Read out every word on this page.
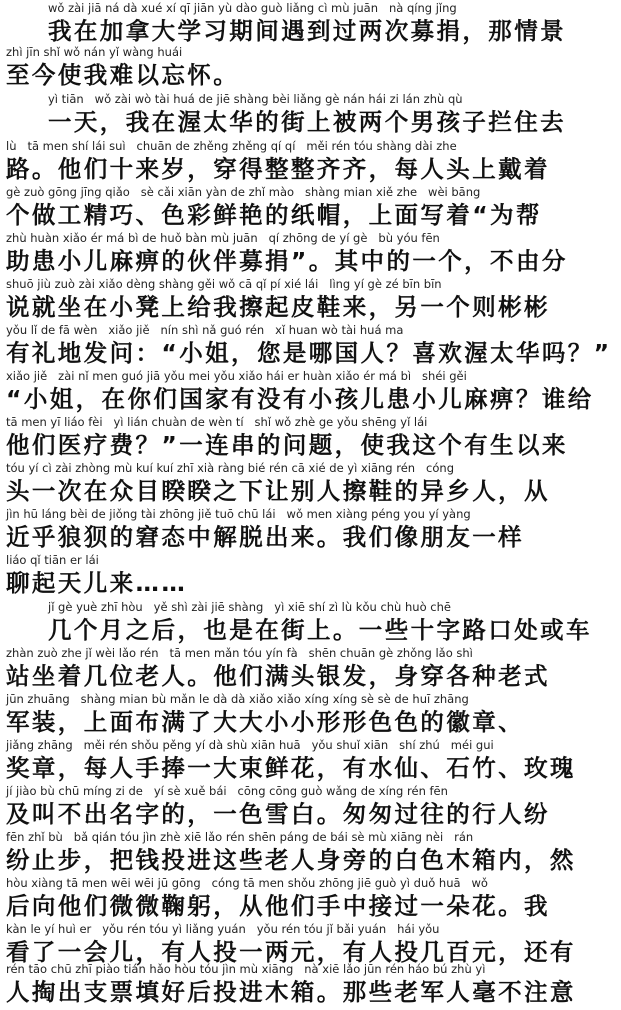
wǒ zài jiā ná dà xué xí qī jiān yù dào guò liǎng cì mù juān   nà qíng jǐng
我在加拿大学习期间遇到过两次募捐，那情景
zhì jīn shǐ wǒ nán yǐ wàng huái
至今使我难以忘怀。
yì tiān   wǒ zài wò tài huá de jiē shàng bèi liǎng gè nán hái zi lán zhù qù
一天，我在渥太华的街上被两个男孩子拦住去
lù   tā men shí lái suì   chuān de zhěng zhěng qí qí   měi rén tóu shàng dài zhe
路。他们十来岁，穿得整整齐齐，每人头上戴着
gè zuò gōng jīng qiǎo   sè cǎi xiān yàn de zhǐ mào   shàng mian xiě zhe   wèi bāng
个做工精巧、色彩鲜艳的纸帽，上面写着“为帮
zhù huàn xiǎo ér má bì de huǒ bàn mù juān   qí zhōng de yí gè   bù yóu fēn
助患小儿麻痹的伙伴募捐”。其中的一个，不由分
shuō jiù zuò zài xiǎo dèng shàng gěi wǒ cā qǐ pí xié lái   lìng yí gè zé bīn bīn
说就坐在小凳上给我擦起皮鞋来，另一个则彬彬
yǒu lǐ de fā wèn   xiǎo jiě   nín shì nǎ guó rén   xǐ huan wò tài huá ma
有礼地发问：“小姐，您是哪国人？喜欢渥太华吗？”
xiǎo jiě   zài nǐ men guó jiā yǒu mei yǒu xiǎo hái er huàn xiǎo ér má bì   shéi gěi
“小姐，在你们国家有没有小孩儿患小儿麻痹？谁给
tā men yī liáo fèi   yì lián chuàn de wèn tí   shǐ wǒ zhè ge yǒu shēng yǐ lái
他们医疗费？”一连串的问题，使我这个有生以来
tóu yí cì zài zhòng mù kuí kuí zhī xià ràng bié rén cā xié de yì xiāng rén   cóng
头一次在众目睽睽之下让别人擦鞋的异乡人，从
jìn hū láng bèi de jiǒng tài zhōng jiě tuō chū lái   wǒ men xiàng péng you yí yàng
近乎狼狈的窘态中解脱出来。我们像朋友一样
liáo qǐ tiān er lái
聊起天儿来……
jǐ gè yuè zhī hòu   yě shì zài jiē shàng   yì xiē shí zì lù kǒu chù huò chē
几个月之后，也是在街上。一些十字路口处或车
zhàn zuò zhe jǐ wèi lǎo rén   tā men mǎn tóu yín fà   shēn chuān gè zhǒng lǎo shì
站坐着几位老人。他们满头银发，身穿各种老式
jūn zhuāng   shàng mian bù mǎn le dà dà xiǎo xiǎo xíng xíng sè sè de huī zhāng
军装，上面布满了大大小小形形色色的徽章、
jiǎng zhāng   měi rén shǒu pěng yí dà shù xiān huā   yǒu shuǐ xiān   shí zhú   méi gui
奖章，每人手捧一大束鲜花，有水仙、石竹、玫瑰
jí jiào bù chū míng zi de   yí sè xuě bái   cōng cōng guò wǎng de xíng rén fēn
及叫不出名字的，一色雪白。匆匆过往的行人纷
fēn zhǐ bù   bǎ qián tóu jìn zhè xiē lǎo rén shēn páng de bái sè mù xiāng nèi   rán
纷止步，把钱投进这些老人身旁的白色木箱内，然
hòu xiàng tā men wēi wēi jū gōng   cóng tā men shǒu zhōng jiē guò yì duǒ huā   wǒ
后向他们微微鞠躬，从他们手中接过一朵花。我
kàn le yí huì er   yǒu rén tóu yì liǎng yuán   yǒu rén tóu jǐ bǎi yuán   hái yǒu
看了一会儿，有人投一两元，有人投几百元，还有
rén tāo chū zhī piào tián hǎo hòu tóu jìn mù xiāng   nà xiē lǎo jūn rén háo bú zhù yì
人掏出支票填好后投进木箱。那些老军人毫不注意
